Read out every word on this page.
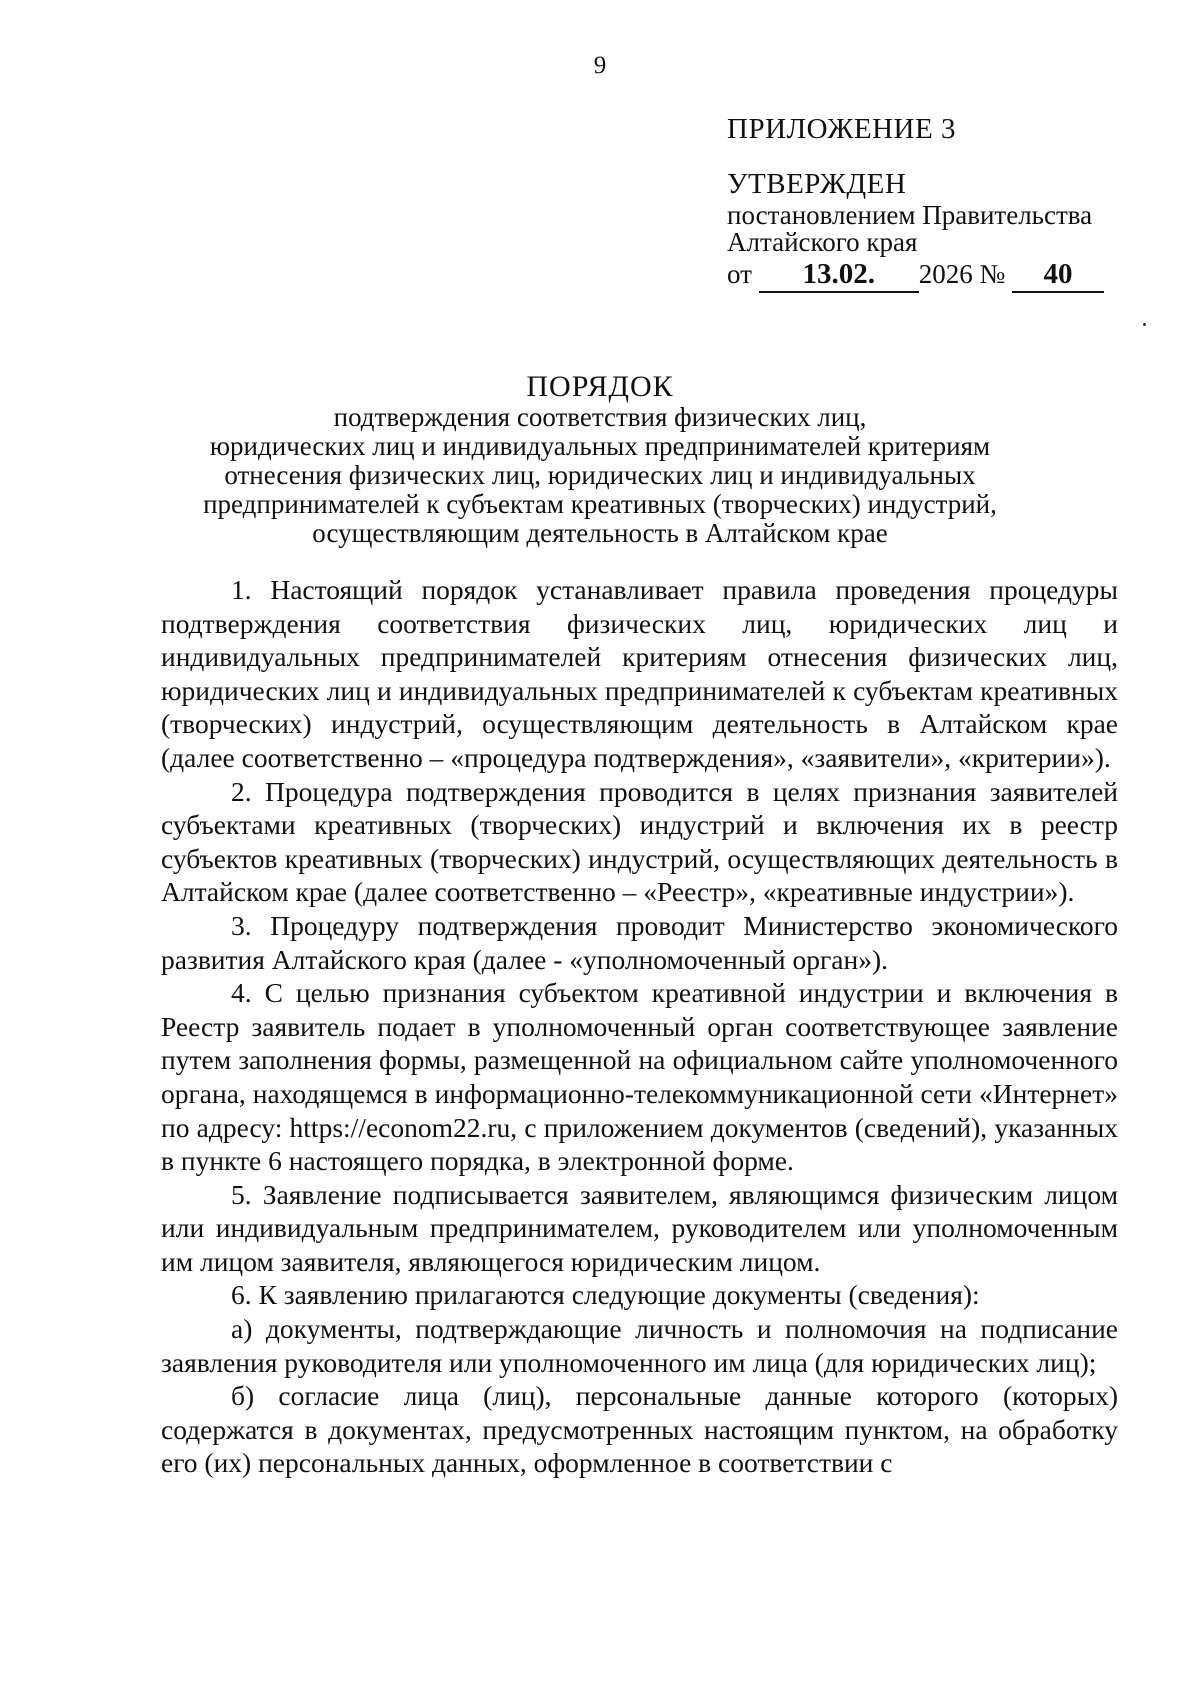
9
ПРИЛОЖЕНИЕ 3
УТВЕРЖДЕН
постановлением Правительства
Алтайского края
от 13.02. 2026 № 40
ПОРЯДОК
подтверждения соответствия физических лиц,
юридических лиц и индивидуальных предпринимателей критериям
отнесения физических лиц, юридических лиц и индивидуальных
предпринимателей к субъектам креативных (творческих) индустрий,
осуществляющим деятельность в Алтайском крае

1. Настоящий порядок устанавливает правила проведения процедуры подтверждения соответствия физических лиц, юридических лиц и индивидуальных предпринимателей критериям отнесения физических лиц, юридических лиц и индивидуальных предпринимателей к субъектам креативных (творческих) индустрий, осуществляющим деятельность в Алтайском крае (далее соответственно – «процедура подтверждения», «заявители», «критерии»).

2. Процедура подтверждения проводится в целях признания заявителей субъектами креативных (творческих) индустрий и включения их в реестр субъектов креативных (творческих) индустрий, осуществляющих деятельность в Алтайском крае (далее соответственно – «Реестр», «креативные индустрии»).

3. Процедуру подтверждения проводит Министерство экономического развития Алтайского края (далее - «уполномоченный орган»).

4. С целью признания субъектом креативной индустрии и включения в Реестр заявитель подает в уполномоченный орган соответствующее заявление путем заполнения формы, размещенной на официальном сайте уполномоченного органа, находящемся в информационно-телекоммуникационной сети «Интернет» по адресу: https://econom22.ru, с приложением документов (сведений), указанных в пункте 6 настоящего порядка, в электронной форме.

5. Заявление подписывается заявителем, являющимся физическим лицом или индивидуальным предпринимателем, руководителем или уполномоченным им лицом заявителя, являющегося юридическим лицом.

6. К заявлению прилагаются следующие документы (сведения):

а) документы, подтверждающие личность и полномочия на подписание заявления руководителя или уполномоченного им лица (для юридических лиц);

б) согласие лица (лиц), персональные данные которого (которых) содержатся в документах, предусмотренных настоящим пунктом, на обработку его (их) персональных данных, оформленное в соответствии с
